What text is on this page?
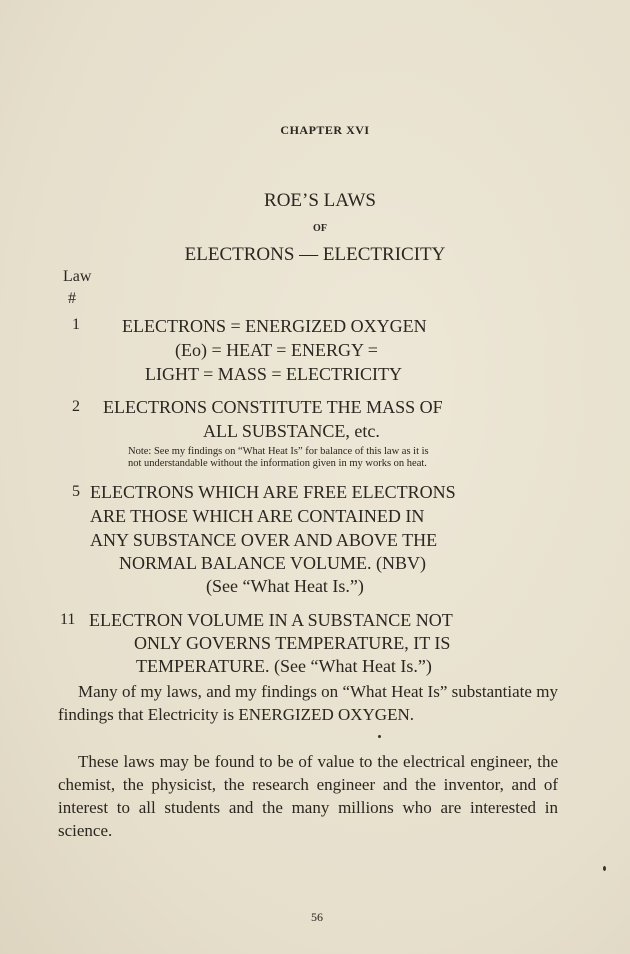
CHAPTER XVI
ROE’S LAWS
OF
ELECTRONS — ELECTRICITY
Law
#
1 ELECTRONS = ENERGIZED OXYGEN
(Eo) = HEAT = ENERGY =
LIGHT = MASS = ELECTRICITY
2 ELECTRONS CONSTITUTE THE MASS OF
ALL SUBSTANCE, etc.
Note: See my findings on “What Heat Is” for balance of this law as it is
not understandable without the information given in my works on heat.
5 ELECTRONS WHICH ARE FREE ELECTRONS
ARE THOSE WHICH ARE CONTAINED IN
ANY SUBSTANCE OVER AND ABOVE THE
NORMAL BALANCE VOLUME. (NBV)
(See “What Heat Is.”)
11 ELECTRON VOLUME IN A SUBSTANCE NOT
ONLY GOVERNS TEMPERATURE, IT IS
TEMPERATURE. (See “What Heat Is.”)
Many of my laws, and my findings on “What Heat Is” substantiate my findings that Electricity is ENERGIZED OXYGEN.
These laws may be found to be of value to the electrical engineer, the chemist, the physicist, the research engineer and the inventor, and of interest to all students and the many millions who are interested in science.
56
